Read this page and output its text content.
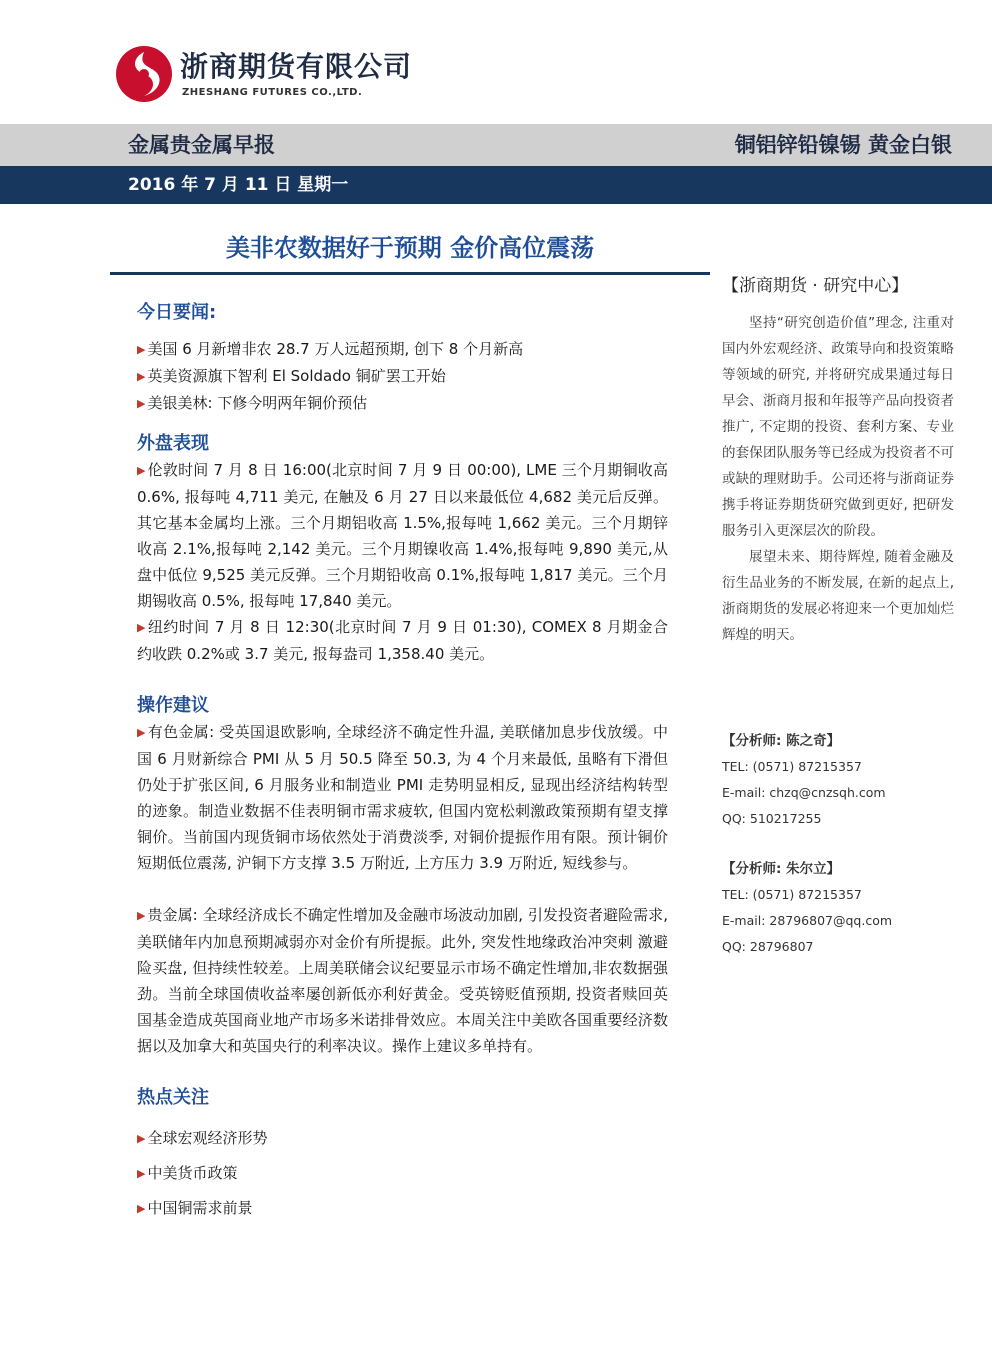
浙商期货有限公司
ZHESHANG FUTURES CO.,LTD.
金属贵金属早报	铜铝锌铅镍锡 黄金白银
2016 年 7 月 11 日 星期一
美非农数据好于预期 金价高位震荡
今日要闻:
▶ 美国 6 月新增非农 28.7 万人远超预期, 创下 8 个月新高
▶ 英美资源旗下智利 El Soldado 铜矿罢工开始
▶ 美银美林: 下修今明两年铜价预估
外盘表现
▶ 伦敦时间 7 月 8 日 16:00(北京时间 7 月 9 日 00:00), LME 三个月期铜收高 0.6%, 报每吨 4,711 美元, 在触及 6 月 27 日以来最低位 4,682 美元后反弹。其它基本金属均上涨。三个月期铝收高 1.5%,报每吨 1,662 美元。三个月期锌收高 2.1%,报每吨 2,142 美元。三个月期镍收高 1.4%,报每吨 9,890 美元,从盘中低位 9,525 美元反弹。三个月期铅收高 0.1%,报每吨 1,817 美元。三个月期锡收高 0.5%, 报每吨 17,840 美元。
▶ 纽约时间 7 月 8 日 12:30(北京时间 7 月 9 日 01:30), COMEX 8 月期金合约收跌 0.2%或 3.7 美元, 报每盎司 1,358.40 美元。
操作建议
▶ 有色金属: 受英国退欧影响, 全球经济不确定性升温, 美联储加息步伐放缓。中国 6 月财新综合 PMI 从 5 月 50.5 降至 50.3, 为 4 个月来最低, 虽略有下滑但仍处于扩张区间, 6 月服务业和制造业 PMI 走势明显相反, 显现出经济结构转型的迹象。制造业数据不佳表明铜市需求疲软, 但国内宽松刺激政策预期有望支撑铜价。当前国内现货铜市场依然处于消费淡季, 对铜价提振作用有限。预计铜价短期低位震荡, 沪铜下方支撑 3.5 万附近, 上方压力 3.9 万附近, 短线参与。
▶ 贵金属: 全球经济成长不确定性增加及金融市场波动加剧, 引发投资者避险需求, 美联储年内加息预期减弱亦对金价有所提振。此外, 突发性地缘政治冲突刺 激避险买盘, 但持续性较差。上周美联储会议纪要显示市场不确定性增加,非农数据强劲。当前全球国债收益率屡创新低亦利好黄金。受英镑贬值预期, 投资者赎回英国基金造成英国商业地产市场多米诺排骨效应。本周关注中美欧各国重要经济数据以及加拿大和英国央行的利率决议。操作上建议多单持有。
热点关注
▶ 全球宏观经济形势
▶ 中美货币政策
▶ 中国铜需求前景
【浙商期货 · 研究中心】

坚持“研究创造价值”理念, 注重对国内外宏观经济、政策导向和投资策略等领域的研究, 并将研究成果通过每日早会、浙商月报和年报等产品向投资者推广, 不定期的投资、套利方案、专业的套保团队服务等已经成为投资者不可或缺的理财助手。公司还将与浙商证券携手将证券期货研究做到更好, 把研发服务引入更深层次的阶段。

展望未来、期待辉煌, 随着金融及衍生品业务的不断发展, 在新的起点上, 浙商期货的发展必将迎来一个更加灿烂辉煌的明天。

【分析师: 陈之奇】
TEL: (0571) 87215357
E-mail: chzq@cnzsqh.com
QQ: 510217255
【分析师: 朱尔立】
TEL: (0571) 87215357
E-mail: 28796807@qq.com
QQ: 28796807
